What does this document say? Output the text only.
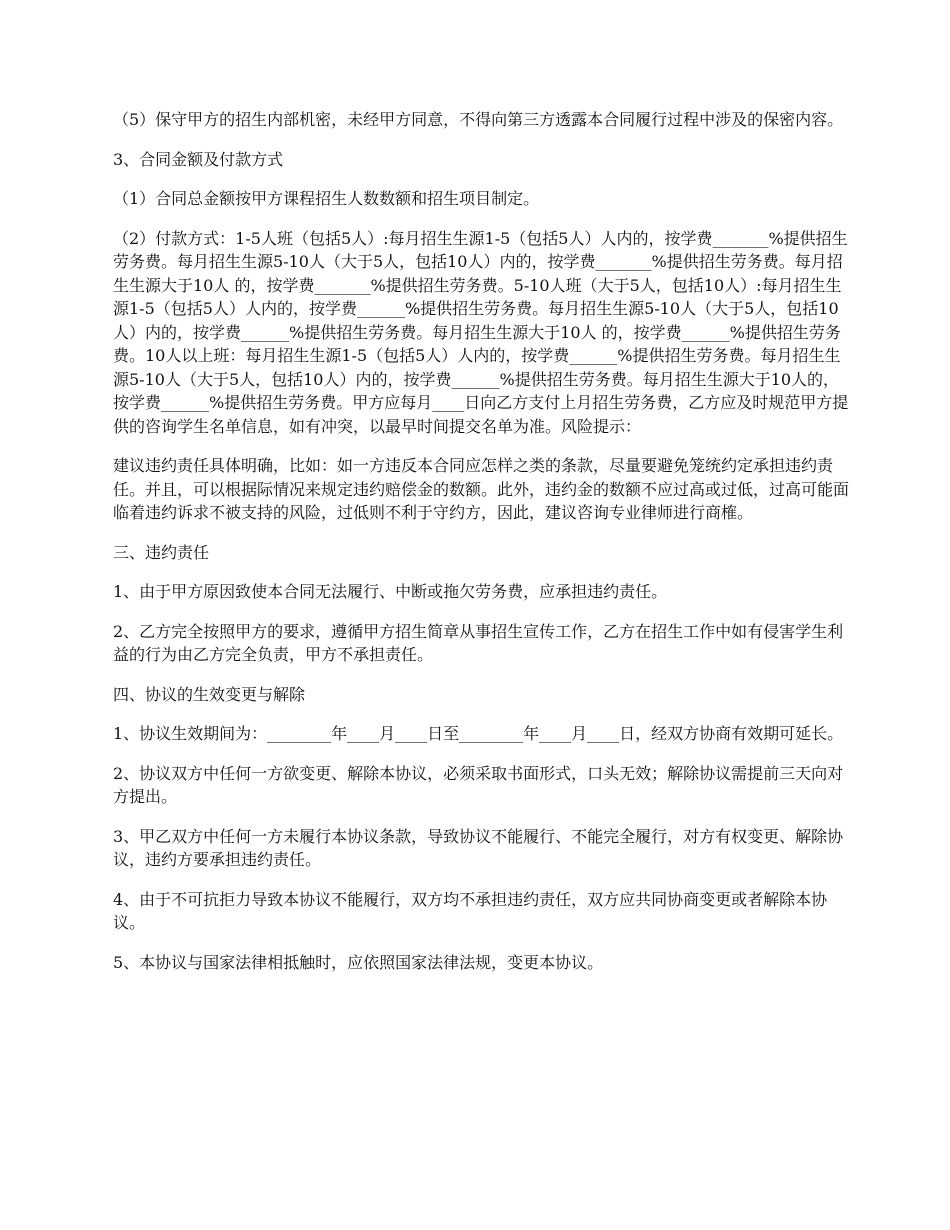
（5）保守甲方的招生内部机密，未经甲方同意，不得向第三方透露本合同履行过程中涉及的保密内容。

3、合同金额及付款方式

（1）合同总金额按甲方课程招生人数数额和招生项目制定。

（2）付款方式：1-5人班（包括5人）:每月招生生源1-5（包括5人）人内的，按学费_______%提供招生劳务费。每月招生生源5-10人（大于5人，包括10人）内的，按学费_______%提供招生劳务费。每月招生生源大于10人 的，按学费_______%提供招生劳务费。5-10人班（大于5人，包括10人）:每月招生生源1-5（包括5人）人内的，按学费______%提供招生劳务费。每月招生生源5-10人（大于5人，包括10人）内的，按学费______%提供招生劳务费。每月招生生源大于10人 的，按学费______%提供招生劳务费。10人以上班：每月招生生源1-5（包括5人）人内的，按学费______%提供招生劳务费。每月招生生源5-10人（大于5人，包括10人）内的，按学费______%提供招生劳务费。每月招生生源大于10人的，按学费______%提供招生劳务费。甲方应每月____日向乙方支付上月招生劳务费，乙方应及时规范甲方提供的咨询学生名单信息，如有冲突，以最早时间提交名单为准。风险提示：

建议违约责任具体明确，比如：如一方违反本合同应怎样之类的条款，尽量要避免笼统约定承担违约责任。并且，可以根据际情况来规定违约赔偿金的数额。此外，违约金的数额不应过高或过低，过高可能面临着违约诉求不被支持的风险，过低则不利于守约方，因此，建议咨询专业律师进行商榷。

三、违约责任

1、由于甲方原因致使本合同无法履行、中断或拖欠劳务费，应承担违约责任。

2、乙方完全按照甲方的要求，遵循甲方招生简章从事招生宣传工作，乙方在招生工作中如有侵害学生利益的行为由乙方完全负责，甲方不承担责任。

四、协议的生效变更与解除

1、协议生效期间为：________年____月____日至________年____月____日，经双方协商有效期可延长。

2、协议双方中任何一方欲变更、解除本协议，必须采取书面形式，口头无效；解除协议需提前三天向对方提出。

3、甲乙双方中任何一方未履行本协议条款，导致协议不能履行、不能完全履行，对方有权变更、解除协议，违约方要承担违约责任。

4、由于不可抗拒力导致本协议不能履行，双方均不承担违约责任，双方应共同协商变更或者解除本协议。

5、本协议与国家法律相抵触时，应依照国家法律法规，变更本协议。
